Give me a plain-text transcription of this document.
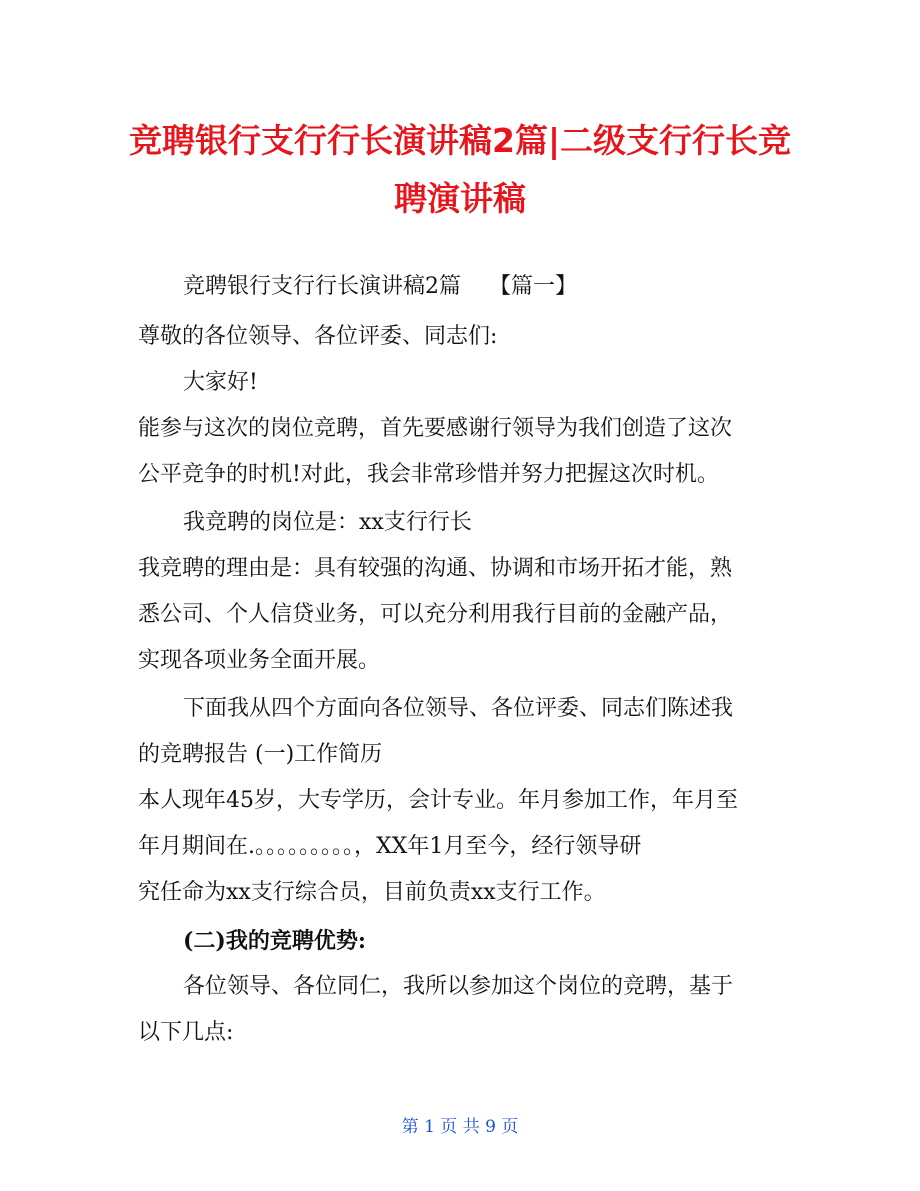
竞聘银行支行行长演讲稿2篇|二级支行行长竞
聘演讲稿

竞聘银行支行行长演讲稿2篇 【篇一】

尊敬的各位领导、各位评委、同志们:

大家好!

能参与这次的岗位竞聘，首先要感谢行领导为我们创造了这次

公平竞争的时机!对此，我会非常珍惜并努力把握这次时机。

我竞聘的岗位是：xx支行行长

我竞聘的理由是：具有较强的沟通、协调和市场开拓才能，熟

悉公司、个人信贷业务，可以充分利用我行目前的金融产品，

实现各项业务全面开展。

下面我从四个方面向各位领导、各位评委、同志们陈述我

的竞聘报告 (一)工作简历

本人现年45岁，大专学历，会计专业。年月参加工作，年月至

年月期间在.。。。。。。。。。，XX年1月至今，经行领导研

究任命为xx支行综合员，目前负责xx支行工作。

(二)我的竞聘优势:

各位领导、各位同仁，我所以参加这个岗位的竞聘，基于

以下几点:

第 1 页 共 9 页
